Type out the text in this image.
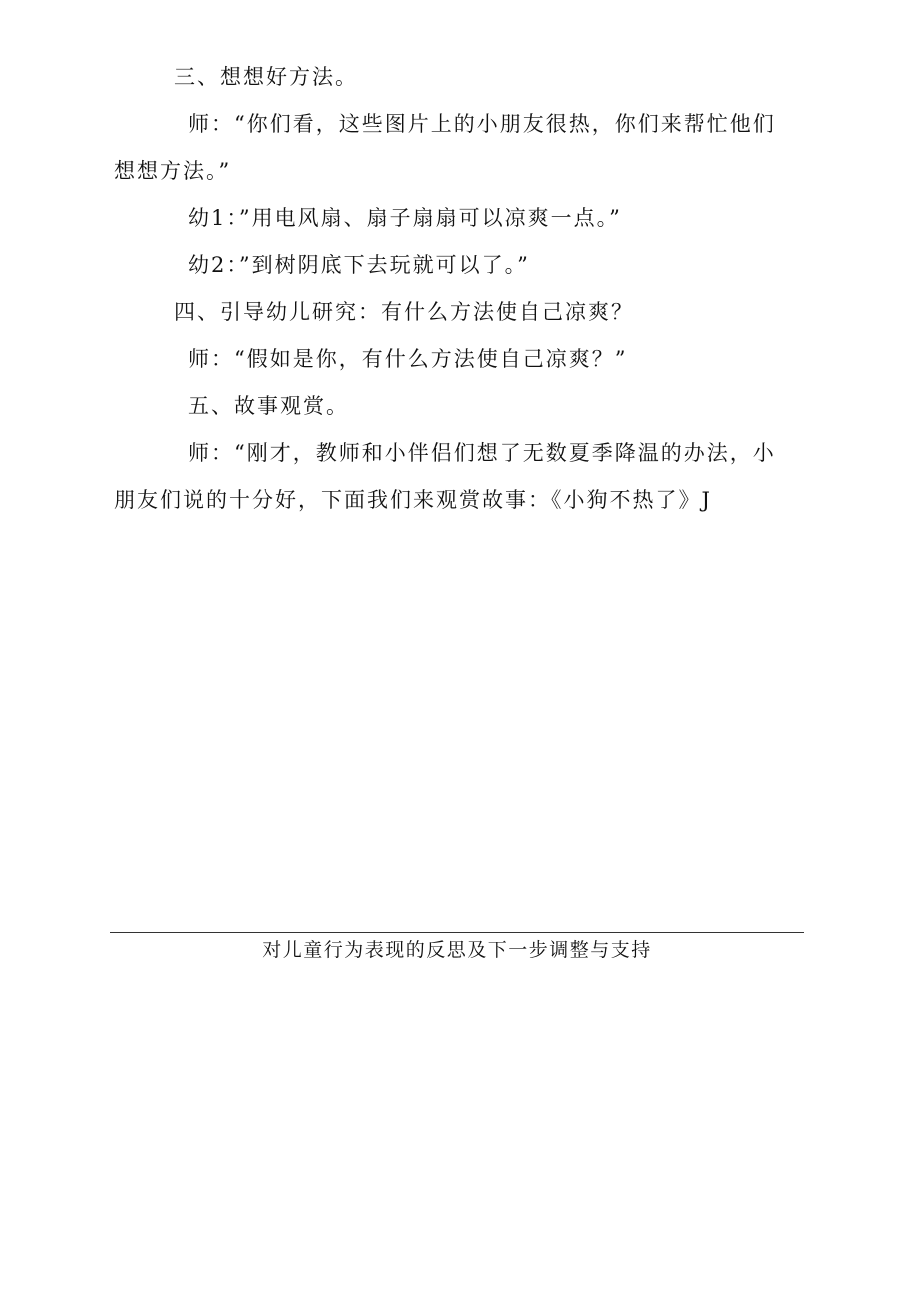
三、想想好方法。
师：“你们看，这些图片上的小朋友很热，你们来帮忙他们
想想方法。”
幼1：”用电风扇、扇子扇扇可以凉爽一点。”
幼2：”到树阴底下去玩就可以了。”
四、引导幼儿研究：有什么方法使自己凉爽？
师：“假如是你，有什么方法使自己凉爽？”
五、故事观赏。
师：“刚才，教师和小伴侣们想了无数夏季降温的办法，小
朋友们说的十分好，下面我们来观赏故事：《小狗不热了》J
对儿童行为表现的反思及下一步调整与支持
